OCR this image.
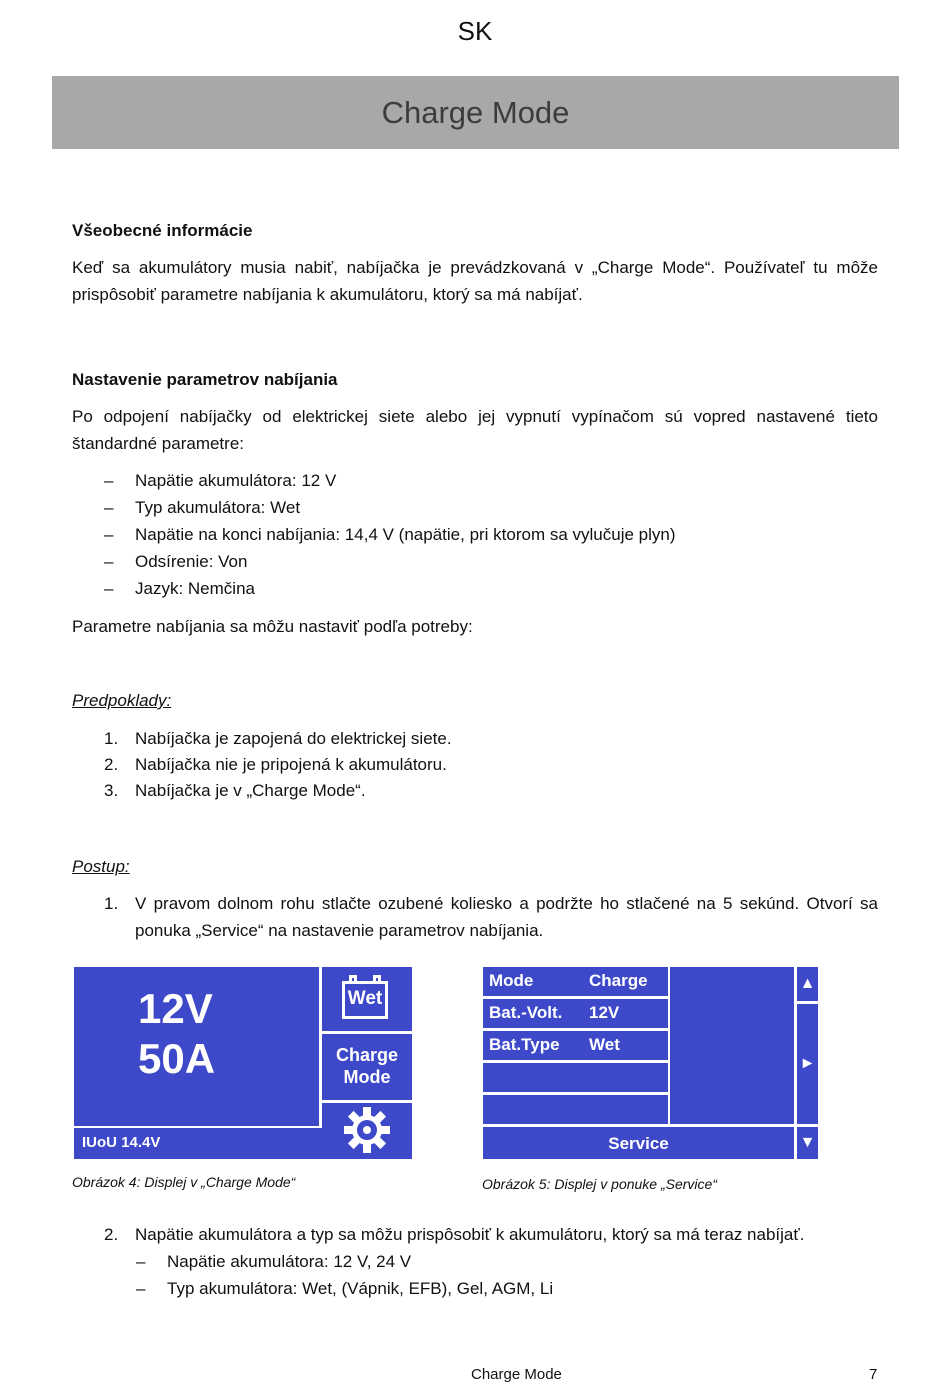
SK
Charge Mode
Všeobecné informácie
Keď sa akumulátory musia nabiť, nabíjačka je prevádzkovaná v „Charge Mode“. Používateľ tu môže prispôsobiť parametre nabíjania k akumulátoru, ktorý sa má nabíjať.
Nastavenie parametrov nabíjania
Po odpojení nabíjačky od elektrickej siete alebo jej vypnutí vypínačom sú vopred nastavené tieto štandardné parametre:
–	Napätie akumulátora: 12 V
–	Typ akumulátora: Wet
–	Napätie na konci nabíjania: 14,4 V (napätie, pri ktorom sa vylučuje plyn)
–	Odsírenie: Von
–	Jazyk: Nemčina
Parametre nabíjania sa môžu nastaviť podľa potreby:
Predpoklady:
1. Nabíjačka je zapojená do elektrickej siete.
2. Nabíjačka nie je pripojená k akumulátoru.
3. Nabíjačka je v „Charge Mode“.
Postup:
1. V pravom dolnom rohu stlačte ozubené koliesko a podržte ho stlačené na 5 sekúnd. Otvorí sa
ponuka „Service“ na nastavenie parametrov nabíjania.
12V
50A
Wet
Charge
Mode
IUoU 14.4V
Obrázok 4: Displej v „Charge Mode“
Mode	Charge
Bat.-Volt. 12V
Bat.Type Wet
▲
►
▼
Service
Obrázok 5: Displej v ponuke „Service“
2. Napätie akumulátora a typ sa môžu prispôsobiť k akumulátoru, ktorý sa má teraz nabíjať.
– Napätie akumulátora: 12 V, 24 V
– Typ akumulátora: Wet, (Vápnik, EFB), Gel, AGM, Li
Charge Mode	7
